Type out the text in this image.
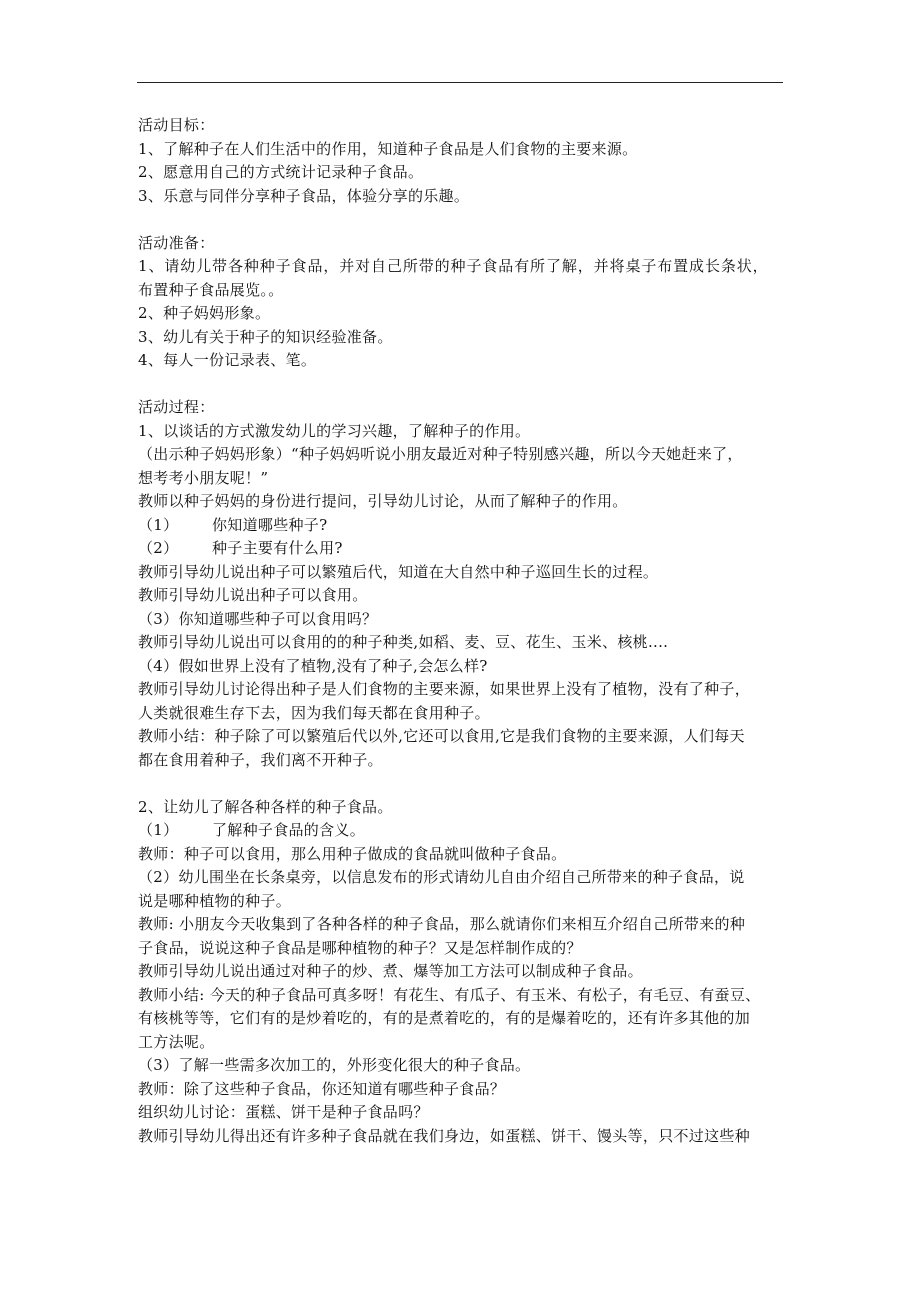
活动目标：
1、了解种子在人们生活中的作用，知道种子食品是人们食物的主要来源。
2、愿意用自己的方式统计记录种子食品。
3、乐意与同伴分享种子食品，体验分享的乐趣。
活动准备：
1、请幼儿带各种种子食品，并对自己所带的种子食品有所了解，并将桌子布置成长条状，
布置种子食品展览。。
2、种子妈妈形象。
3、幼儿有关于种子的知识经验准备。
4、每人一份记录表、笔。
活动过程：
1、以谈话的方式激发幼儿的学习兴趣，了解种子的作用。
（出示种子妈妈形象）“种子妈妈听说小朋友最近对种子特别感兴趣，所以今天她赶来了，
想考考小朋友呢！”
教师以种子妈妈的身份进行提问，引导幼儿讨论，从而了解种子的作用。
（1） 你知道哪些种子?
（2） 种子主要有什么用?
教师引导幼儿说出种子可以繁殖后代，知道在大自然中种子巡回生长的过程。
教师引导幼儿说出种子可以食用。
（3）你知道哪些种子可以食用吗？
教师引导幼儿说出可以食用的的种子种类,如稻、麦、豆、花生、玉米、核桃....
（4）假如世界上没有了植物,没有了种子,会怎么样?
教师引导幼儿讨论得出种子是人们食物的主要来源，如果世界上没有了植物，没有了种子，
人类就很难生存下去，因为我们每天都在食用种子。
教师小结：种子除了可以繁殖后代以外,它还可以食用,它是我们食物的主要来源，人们每天
都在食用着种子，我们离不开种子。
2、让幼儿了解各种各样的种子食品。
（1） 了解种子食品的含义。
教师：种子可以食用，那么用种子做成的食品就叫做种子食品。
（2）幼儿围坐在长条桌旁，以信息发布的形式请幼儿自由介绍自己所带来的种子食品，说
说是哪种植物的种子。
教师: 小朋友今天收集到了各种各样的种子食品，那么就请你们来相互介绍自己所带来的种
子食品，说说这种子食品是哪种植物的种子？又是怎样制作成的？
教师引导幼儿说出通过对种子的炒、煮、爆等加工方法可以制成种子食品。
教师小结: 今天的种子食品可真多呀！有花生、有瓜子、有玉米、有松子，有毛豆、有蚕豆、
有核桃等等，它们有的是炒着吃的，有的是煮着吃的，有的是爆着吃的，还有许多其他的加
工方法呢。
（3）了解一些需多次加工的，外形变化很大的种子食品。
教师：除了这些种子食品，你还知道有哪些种子食品？
组织幼儿讨论：蛋糕、饼干是种子食品吗？
教师引导幼儿得出还有许多种子食品就在我们身边，如蛋糕、饼干、馒头等，只不过这些种
